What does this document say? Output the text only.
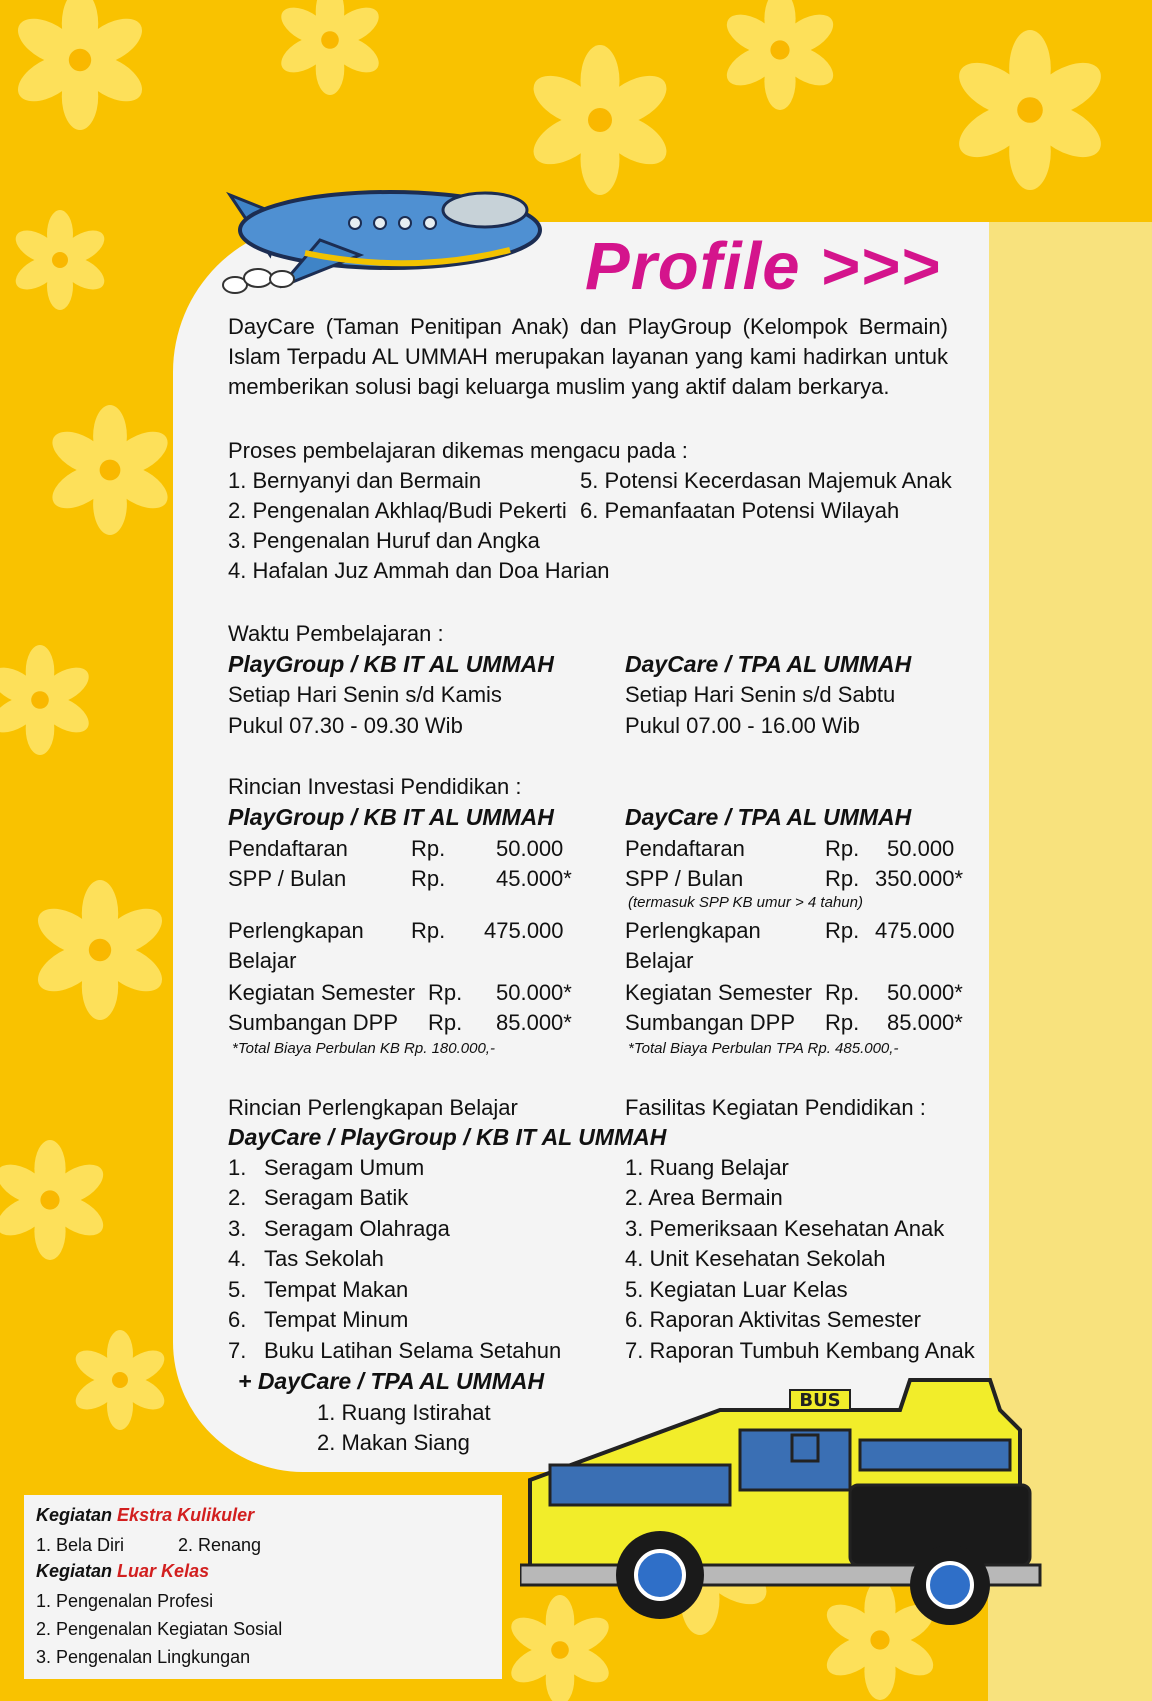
Profile >>>
DayCare (Taman Penitipan Anak) dan PlayGroup (Kelompok Bermain) Islam Terpadu AL UMMAH merupakan layanan yang kami hadirkan untuk memberikan solusi bagi keluarga muslim yang aktif dalam berkarya.
Proses pembelajaran dikemas mengacu pada :
1. Bernyanyi dan Bermain
2. Pengenalan Akhlaq/Budi Pekerti
3. Pengenalan Huruf dan Angka
4. Hafalan Juz Ammah dan Doa Harian
5. Potensi Kecerdasan Majemuk Anak
6. Pemanfaatan Potensi Wilayah
Waktu Pembelajaran :
PlayGroup / KB IT AL UMMAH
Setiap Hari Senin s/d Kamis
Pukul 07.30 - 09.30 Wib
DayCare / TPA AL UMMAH
Setiap Hari Senin s/d Sabtu
Pukul 07.00 - 16.00 Wib
Rincian Investasi Pendidikan :
PlayGroup / KB IT AL UMMAH	DayCare / TPA AL UMMAH
Pendaftaran	Rp. 50.000
SPP / Bulan	Rp. 45.000*
Perlengkapan
Belajar
Rp. 475.000
Kegiatan Semester Rp. 50.000*
Sumbangan DPP Rp. 85.000*
*Total Biaya Perbulan KB Rp. 180.000,-
Pendaftaran	Rp. 50.000
SPP / Bulan	Rp. 350.000*
(termasuk SPP KB umur > 4 tahun)
Perlengkapan
Belajar
Rp. 475.000
Kegiatan Semester Rp. 50.000*
Sumbangan DPP Rp. 85.000*
*Total Biaya Perbulan TPA Rp. 485.000,-
Rincian Perlengkapan Belajar
DayCare / PlayGroup / KB IT AL UMMAH
1. Seragam Umum
2. Seragam Batik
3. Seragam Olahraga
4. Tas Sekolah
5. Tempat Makan
6. Tempat Minum
7. Buku Latihan Selama Setahun
+ DayCare / TPA AL UMMAH
1. Ruang Istirahat
2. Makan Siang
Fasilitas Kegiatan Pendidikan :
1. Ruang Belajar
2. Area Bermain
3. Pemeriksaan Kesehatan Anak
4. Unit Kesehatan Sekolah
5. Kegiatan Luar Kelas
6. Raporan Aktivitas Semester
7. Raporan Tumbuh Kembang Anak
BUS
Kegiatan Ekstra Kulikuler
1. Bela Diri	2. Renang
Kegiatan Luar Kelas
1. Pengenalan Profesi
2. Pengenalan Kegiatan Sosial
3. Pengenalan Lingkungan
